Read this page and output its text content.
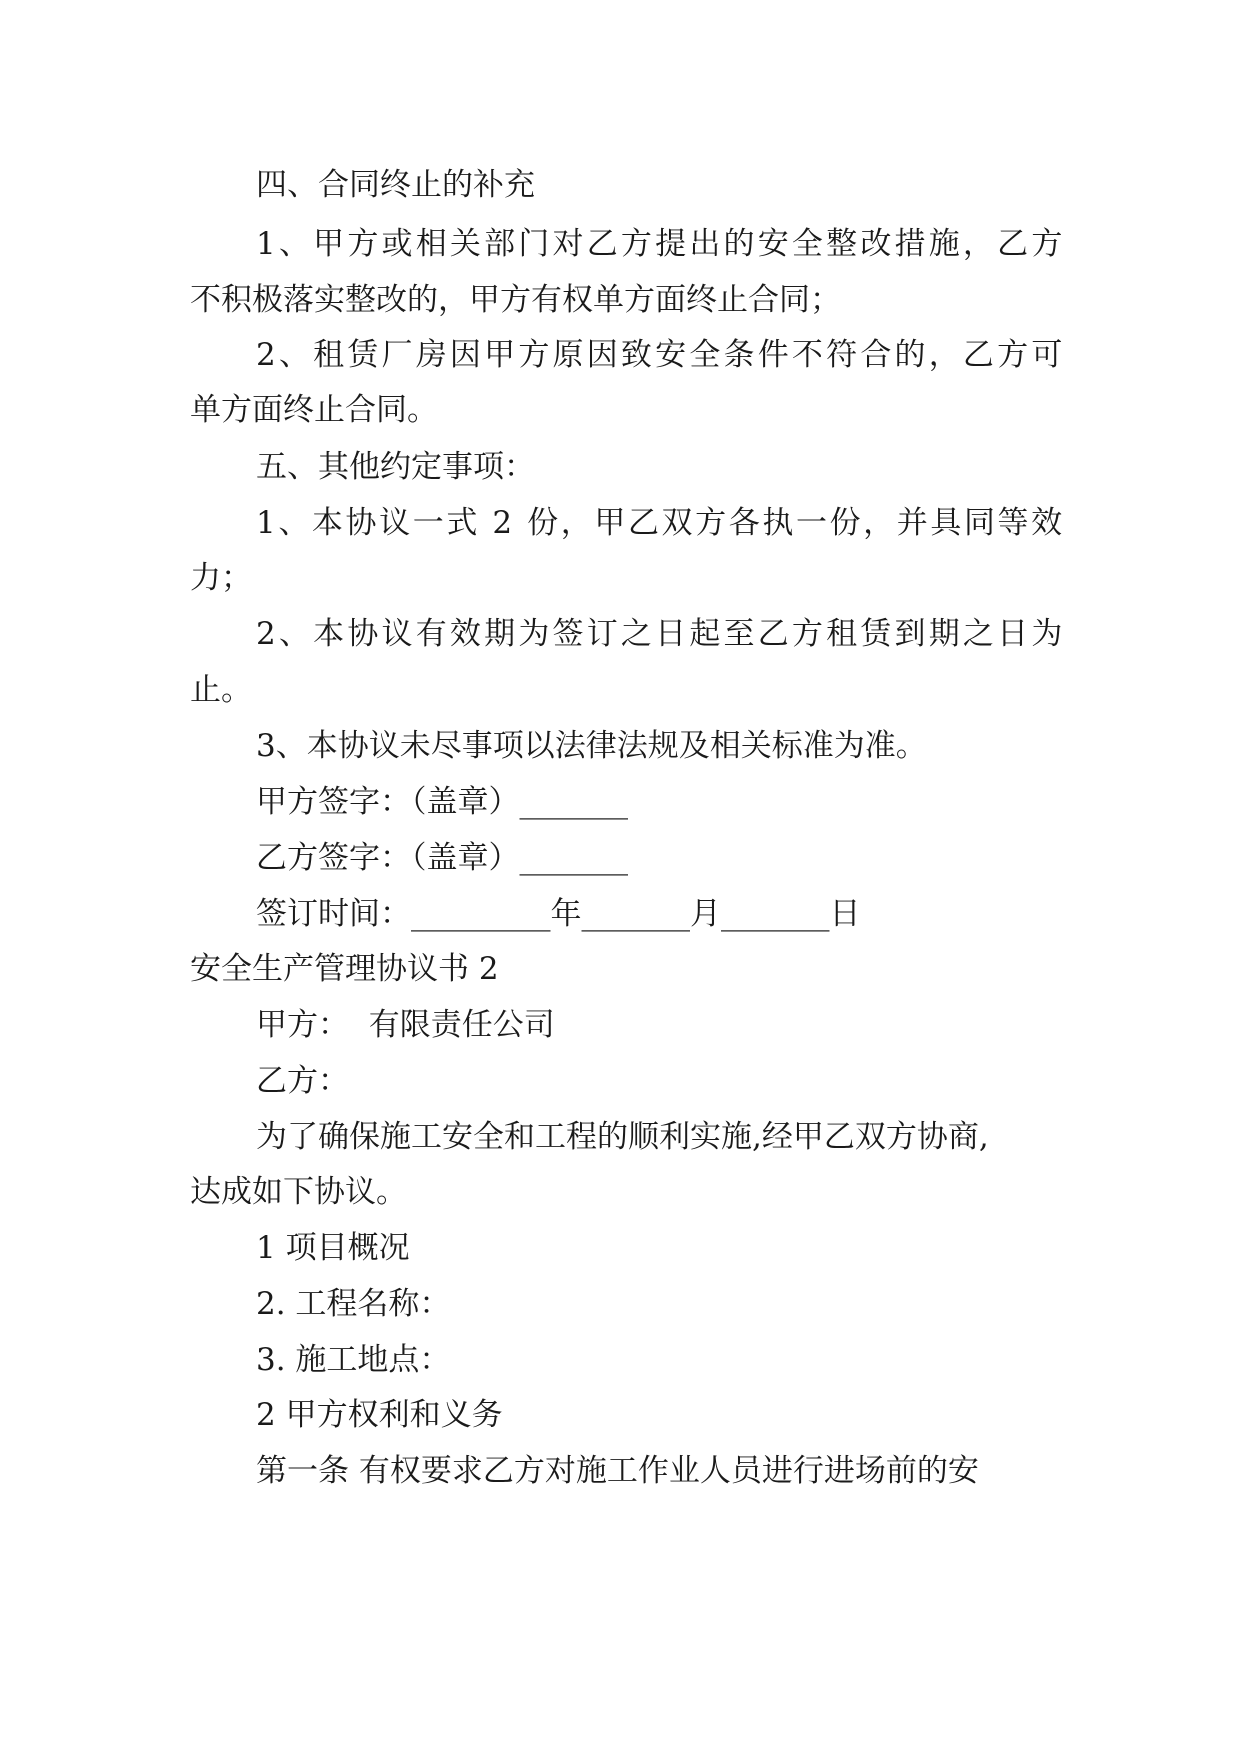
四、合同终止的补充
1、甲方或相关部门对乙方提出的安全整改措施，乙方
不积极落实整改的，甲方有权单方面终止合同；
2、租赁厂房因甲方原因致安全条件不符合的，乙方可
单方面终止合同。
五、其他约定事项：
1、本协议一式 2 份，甲乙双方各执一份，并具同等效
力；
2、本协议有效期为签订之日起至乙方租赁到期之日为
止。
3、本协议未尽事项以法律法规及相关标准为准。
甲方签字：（盖章）_______
乙方签字：（盖章）_______
签订时间：_________年_______月_______日
安全生产管理协议书 2
甲方：  有限责任公司
乙方：
为了确保施工安全和工程的顺利实施,经甲乙双方协商,
达成如下协议。
1 项目概况
2. 工程名称：
3. 施工地点：
2 甲方权利和义务
第一条 有权要求乙方对施工作业人员进行进场前的安
